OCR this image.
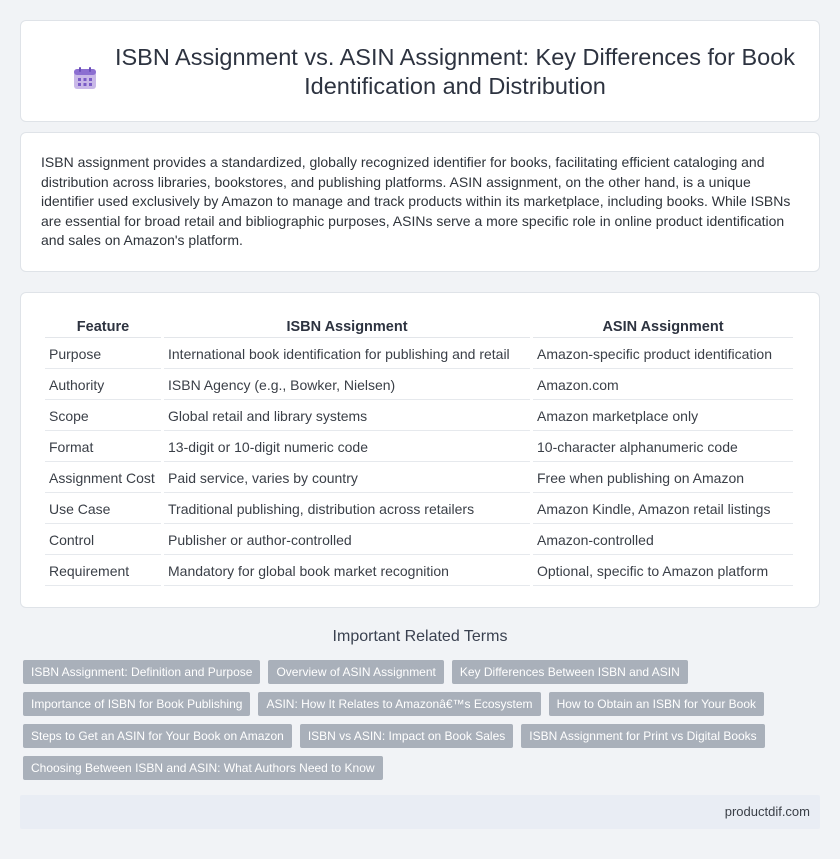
ISBN Assignment vs. ASIN Assignment: Key Differences for Book Identification and Distribution

ISBN assignment provides a standardized, globally recognized identifier for books, facilitating efficient cataloging and distribution across libraries, bookstores, and publishing platforms. ASIN assignment, on the other hand, is a unique identifier used exclusively by Amazon to manage and track products within its marketplace, including books. While ISBNs are essential for broad retail and bibliographic purposes, ASINs serve a more specific role in online product identification and sales on Amazon's platform.

Feature	ISBN Assignment	ASIN Assignment
Purpose	International book identification for publishing and retail	Amazon-specific product identification
Authority	ISBN Agency (e.g., Bowker, Nielsen)	Amazon.com
Scope	Global retail and library systems	Amazon marketplace only
Format	13-digit or 10-digit numeric code	10-character alphanumeric code
Assignment Cost	Paid service, varies by country	Free when publishing on Amazon
Use Case	Traditional publishing, distribution across retailers	Amazon Kindle, Amazon retail listings
Control	Publisher or author-controlled	Amazon-controlled
Requirement	Mandatory for global book market recognition	Optional, specific to Amazon platform
Important Related Terms
ISBN Assignment: Definition and Purpose	Overview of ASIN Assignment	Key Differences Between ISBN and ASIN
Importance of ISBN for Book Publishing	ASIN: How It Relates to Amazonâ€™s Ecosystem	How to Obtain an ISBN for Your Book
Steps to Get an ASIN for Your Book on Amazon	ISBN vs ASIN: Impact on Book Sales	ISBN Assignment for Print vs Digital Books
Choosing Between ISBN and ASIN: What Authors Need to Know
productdif.com
